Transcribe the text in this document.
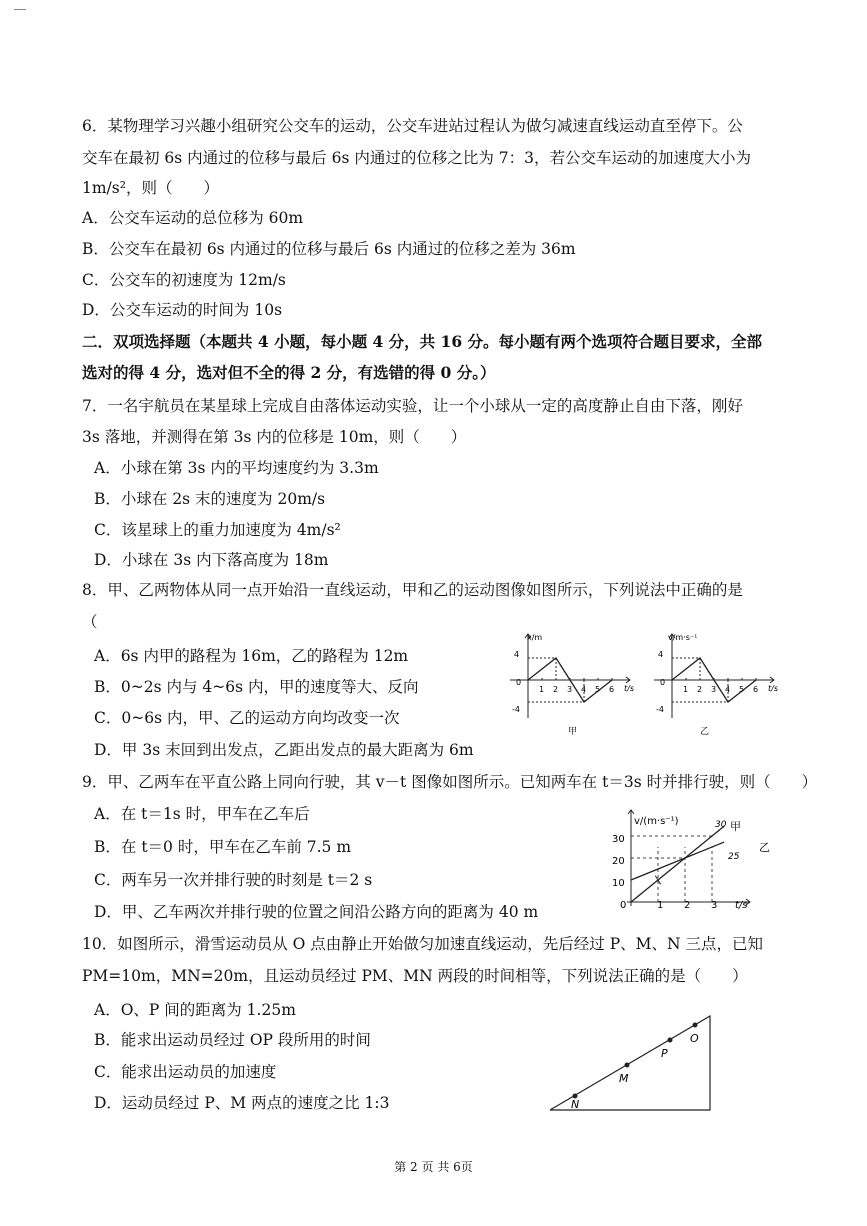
6．某物理学习兴趣小组研究公交车的运动，公交车进站过程认为做匀减速直线运动直至停下。公
交车在最初 6s 内通过的位移与最后 6s 内通过的位移之比为 7：3，若公交车运动的加速度大小为
1m/s²，则（　　）
A．公交车运动的总位移为 60m
B．公交车在最初 6s 内通过的位移与最后 6s 内通过的位移之差为 36m
C．公交车的初速度为 12m/s
D．公交车运动的时间为 10s
二．双项选择题（本题共 4 小题，每小题 4 分，共 16 分。每小题有两个选项符合题目要求，全部
选对的得 4 分，选对但不全的得 2 分，有选错的得 0 分。）
7．一名宇航员在某星球上完成自由落体运动实验，让一个小球从一定的高度静止自由下落，刚好
3s 落地，并测得在第 3s 内的位移是 10m，则（　　）
A．小球在第 3s 内的平均速度约为 3.3m
B．小球在 2s 末的速度为 20m/s
C．该星球上的重力加速度为 4m/s²
D．小球在 3s 内下落高度为 18m
8．甲、乙两物体从同一点开始沿一直线运动，甲和乙的运动图像如图所示，下列说法中正确的是
（
A．6s 内甲的路程为 16m，乙的路程为 12m
B．0~2s 内与 4~6s 内，甲的速度等大、反向
C．0~6s 内，甲、乙的运动方向均改变一次
D．甲 3s 末回到出发点，乙距出发点的最大距离为 6m
x/m
t/s
4
-4
0
1 2 3 4 5 6
甲
v/m·s⁻¹
t/s
4
-4
0
1 2 3 4 5 6
乙
9．甲、乙两车在平直公路上同向行驶，其 v－t 图像如图所示。已知两车在 t＝3s 时并排行驶，则（　　）
A．在 t＝1s 时，甲车在乙车后
B．在 t＝0 时，甲车在乙车前 7.5 m
C．两车另一次并排行驶的时刻是 t＝2 s
D．甲、乙车两次并排行驶的位置之间沿公路方向的距离为 40 m
v/(m·s⁻¹)
t/s
30
20
10
0	1 2 3
甲
乙
30
25
10．如图所示，滑雪运动员从 O 点由静止开始做匀加速直线运动，先后经过 P、M、N 三点，已知
PM=10m，MN=20m，且运动员经过 PM、MN 两段的时间相等，下列说法正确的是（　　）
A．O、P 间的距离为 1.25m
B．能求出运动员经过 OP 段所用的时间
C．能求出运动员的加速度
D．运动员经过 P、M 两点的速度之比 1:3	N
M
P
O
第 2 页 共 6页
